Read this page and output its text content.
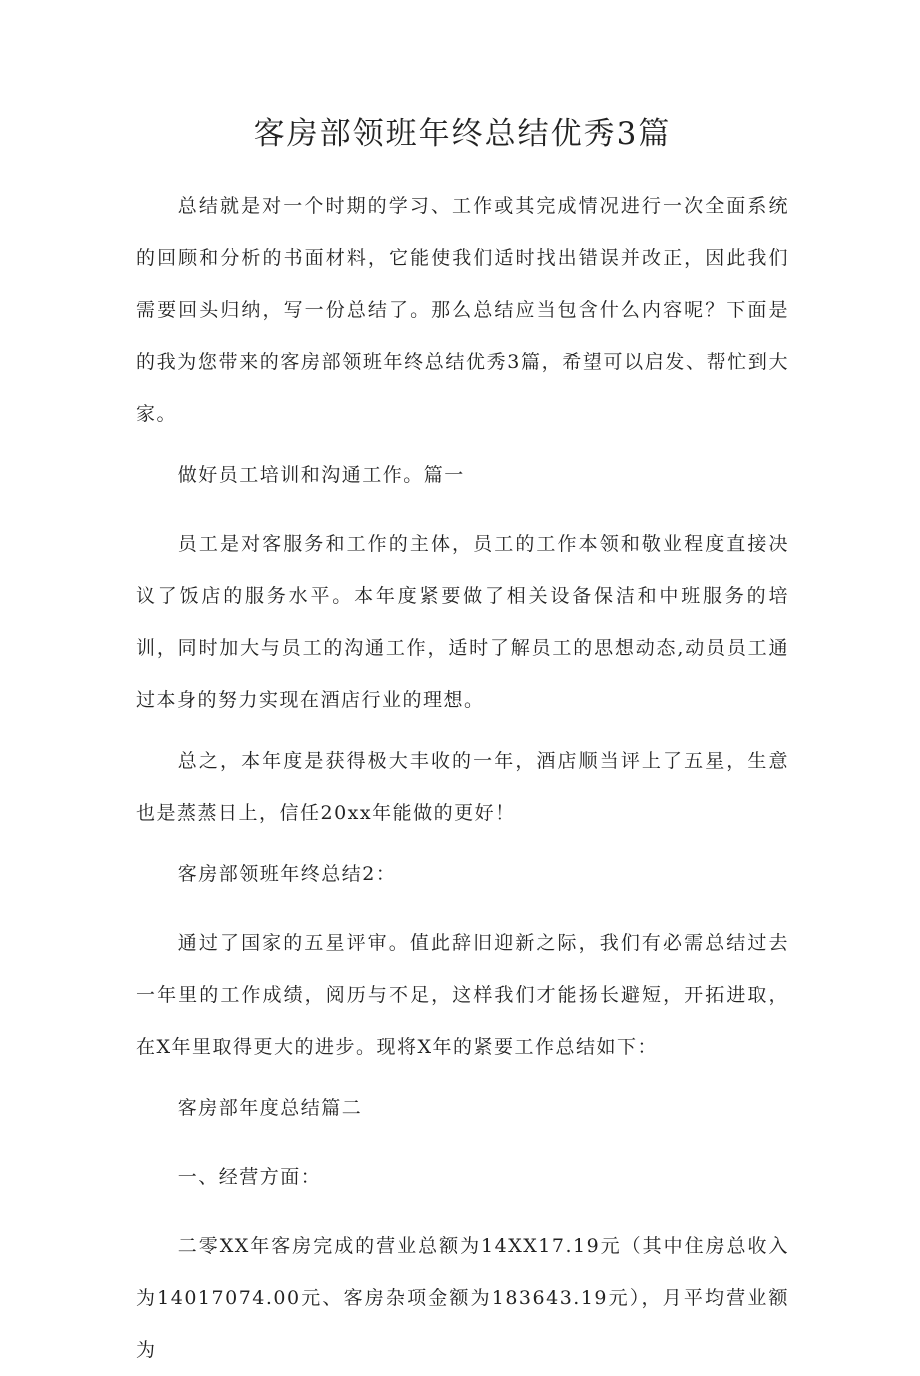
客房部领班年终总结优秀3篇

总结就是对一个时期的学习、工作或其完成情况进行一次全面系统的回顾和分析的书面材料，它能使我们适时找出错误并改正，因此我们需要回头归纳，写一份总结了。那么总结应当包含什么内容呢？下面是的我为您带来的客房部领班年终总结优秀3篇，希望可以启发、帮忙到大家。

做好员工培训和沟通工作。篇一

员工是对客服务和工作的主体，员工的工作本领和敬业程度直接决议了饭店的服务水平。本年度紧要做了相关设备保洁和中班服务的培训，同时加大与员工的沟通工作，适时了解员工的思想动态,动员员工通过本身的努力实现在酒店行业的理想。

总之，本年度是获得极大丰收的一年，酒店顺当评上了五星，生意也是蒸蒸日上，信任20xx年能做的更好！

客房部领班年终总结2：

通过了国家的五星评审。值此辞旧迎新之际，我们有必需总结过去一年里的工作成绩，阅历与不足，这样我们才能扬长避短，开拓进取，在X年里取得更大的进步。现将X年的紧要工作总结如下：

客房部年度总结篇二

一、经营方面：

二零XX年客房完成的营业总额为14XX17.19元（其中住房总收入为14017074.00元、客房杂项金额为183643.19元），月平均营业额为
